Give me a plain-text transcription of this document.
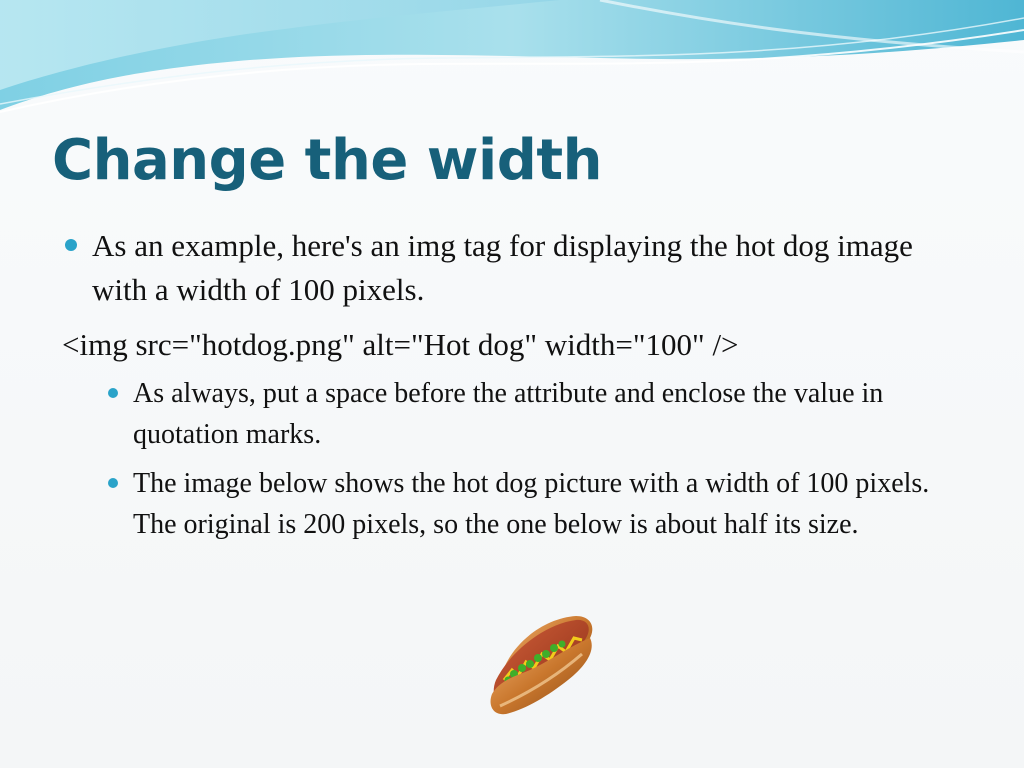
Change the width
As an example, here's an img tag for displaying the hot dog image with a width of 100 pixels.
<img src="hotdog.png" alt="Hot dog" width="100" />
As always, put a space before the attribute and enclose the value in quotation marks.
The image below shows the hot dog picture with a width of 100 pixels. The original is 200 pixels, so the one below is about half its size.
